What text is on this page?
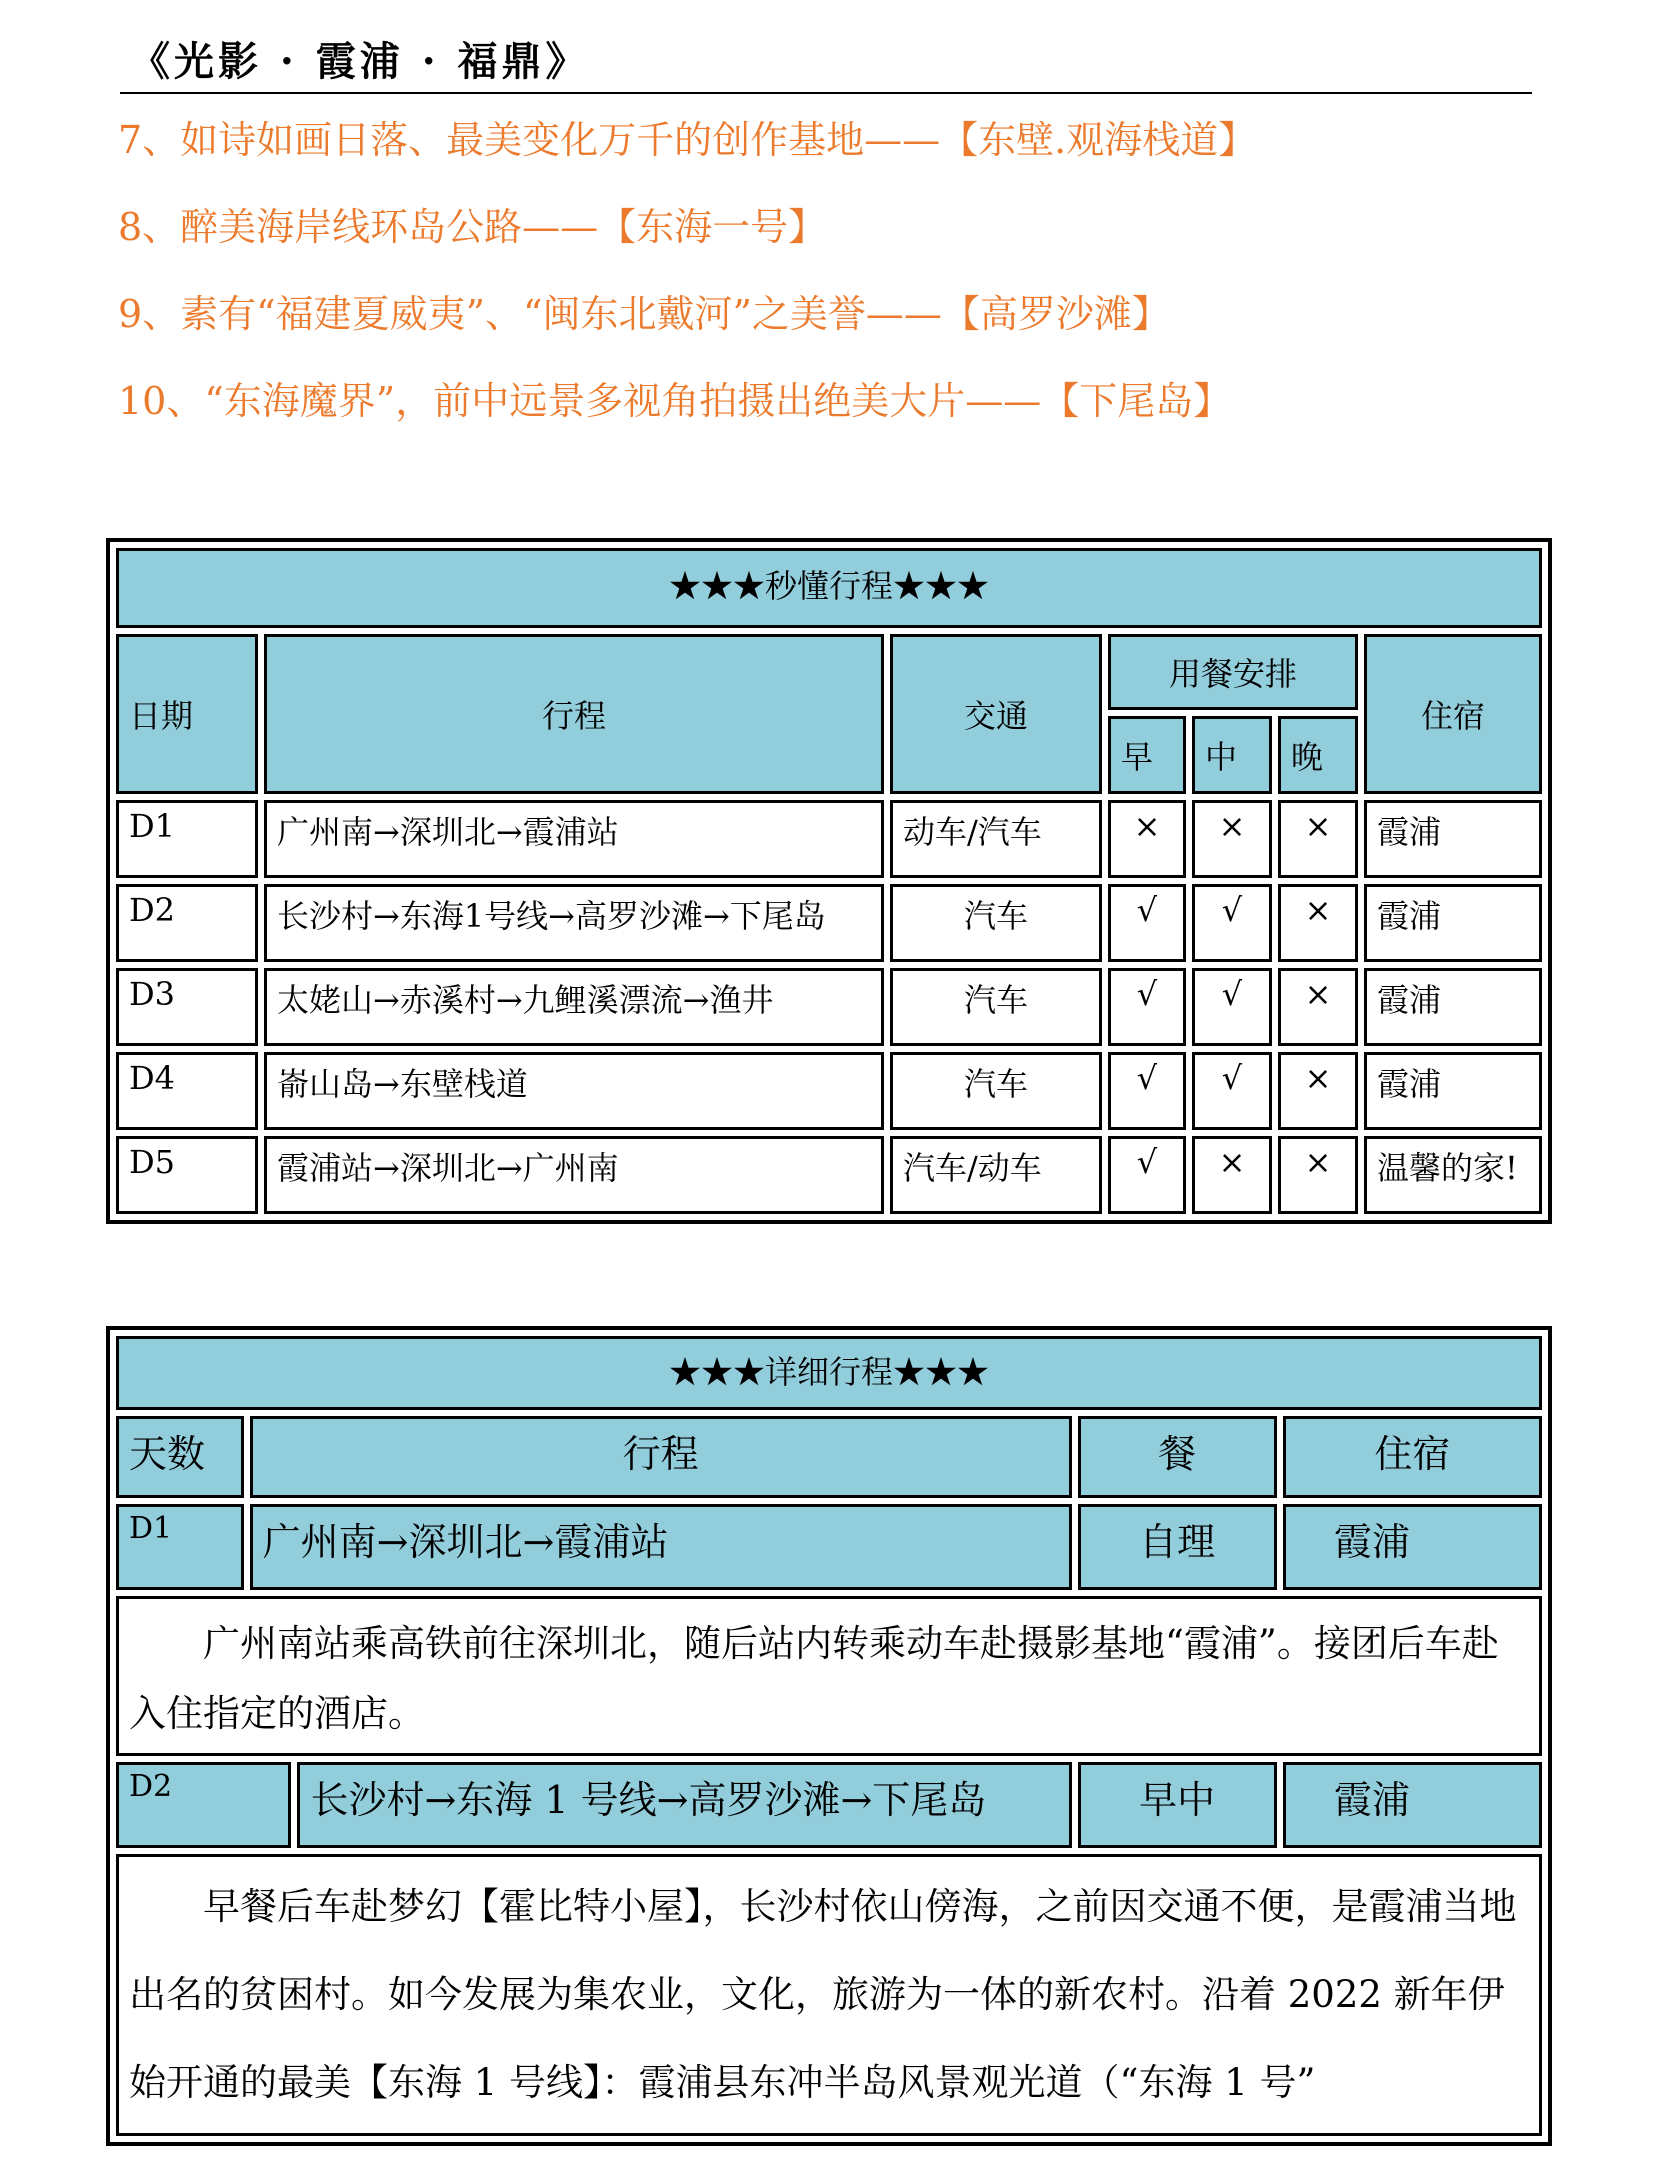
《光影 · 霞浦 · 福鼎》
7、如诗如画日落、最美变化万千的创作基地——【东壁.观海栈道】
8、醉美海岸线环岛公路——【东海一号】
9、素有“福建夏威夷”、“闽东北戴河”之美誉——【高罗沙滩】
10、“东海魔界”，前中远景多视角拍摄出绝美大片——【下尾岛】
★★★秒懂行程★★★						
日期	行程	交通	用餐安排			住宿
			早	中	晚	
D1	广州南→深圳北→霞浦站	动车/汽车	×	×	×	霞浦
D2	长沙村→东海1号线→高罗沙滩→下尾岛	汽车	√	√	×	霞浦
D3	太姥山→赤溪村→九鲤溪漂流→渔井	汽车	√	√	×	霞浦
D4	嵛山岛→东壁栈道	汽车	√	√	×	霞浦
D5	霞浦站→深圳北→广州南	汽车/动车	√	×	×	温馨的家!
★★★详细行程★★★				
天数	行程		餐	住宿
D1	广州南→深圳北→霞浦站		自理	霞浦
广州南站乘高铁前往深圳北，随后站内转乘动车赴摄影基地“霞浦”。接团后车赴入住指定的酒店。				
D2		长沙村→东海 1 号线→高罗沙滩→下尾岛	早中	霞浦
早餐后车赴梦幻【霍比特小屋】，长沙村依山傍海，之前因交通不便，是霞浦当地出名的贫困村。如今发展为集农业，文化，旅游为一体的新农村。沿着 2022 新年伊始开通的最美【东海 1 号线】：霞浦县东冲半岛风景观光道（“东海 1 号”				
